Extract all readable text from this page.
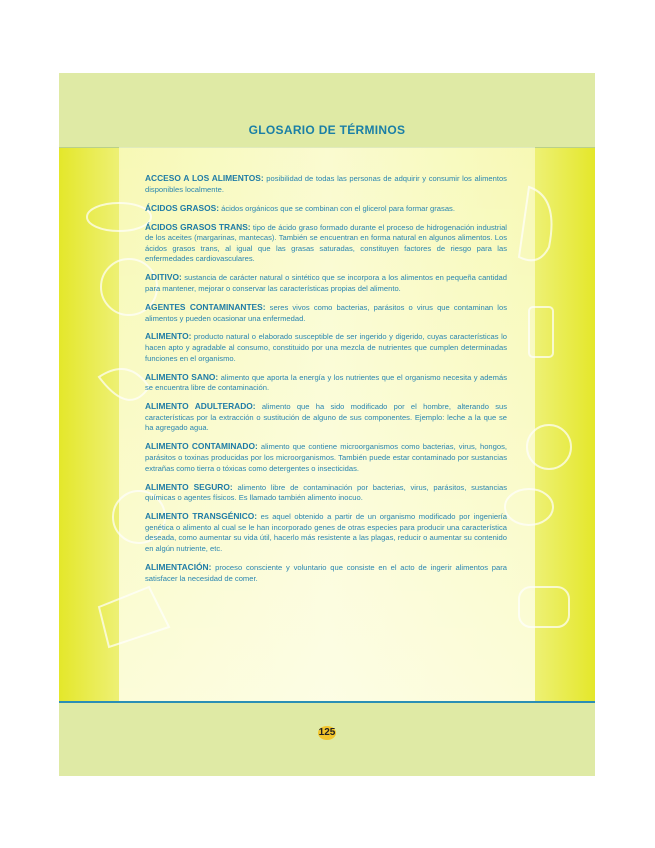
GLOSARIO DE TÉRMINOS

ACCESO A LOS ALIMENTOS: posibilidad de todas las personas de adquirir y consumir los alimentos disponibles localmente.

ÁCIDOS GRASOS: ácidos orgánicos que se combinan con el glicerol para formar grasas.

ÁCIDOS GRASOS TRANS: tipo de ácido graso formado durante el proceso de hidrogenación industrial de los aceites (margarinas, mantecas). También se encuentran en forma natural en algunos alimentos. Los ácidos grasos trans, al igual que las grasas saturadas, constituyen factores de riesgo para las enfermedades cardiovasculares.

ADITIVO: sustancia de carácter natural o sintético que se incorpora a los alimentos en pequeña cantidad para mantener, mejorar o conservar las características propias del alimento.

AGENTES CONTAMINANTES: seres vivos como bacterias, parásitos o virus que contaminan los alimentos y pueden ocasionar una enfermedad.

ALIMENTO: producto natural o elaborado susceptible de ser ingerido y digerido, cuyas características lo hacen apto y agradable al consumo, constituido por una mezcla de nutrientes que cumplen determinadas funciones en el organismo.

ALIMENTO SANO: alimento que aporta la energía y los nutrientes que el organismo necesita y además se encuentra libre de contaminación.

ALIMENTO ADULTERADO: alimento que ha sido modificado por el hombre, alterando sus características por la extracción o sustitución de alguno de sus componentes. Ejemplo: leche a la que se ha agregado agua.

ALIMENTO CONTAMINADO: alimento que contiene microorganismos como bacterias, virus, hongos, parásitos o toxinas producidas por los microorganismos. También puede estar contaminado por sustancias extrañas como tierra o tóxicas como detergentes o insecticidas.

ALIMENTO SEGURO: alimento libre de contaminación por bacterias, virus, parásitos, sustancias químicas o agentes físicos. Es llamado también alimento inocuo.

ALIMENTO TRANSGÉNICO: es aquel obtenido a partir de un organismo modificado por ingeniería genética o alimento al cual se le han incorporado genes de otras especies para producir una característica deseada, como aumentar su vida útil, hacerlo más resistente a las plagas, reducir o aumentar su contenido en algún nutriente, etc.

ALIMENTACIÓN: proceso consciente y voluntario que consiste en el acto de ingerir alimentos para satisfacer la necesidad de comer.

125
